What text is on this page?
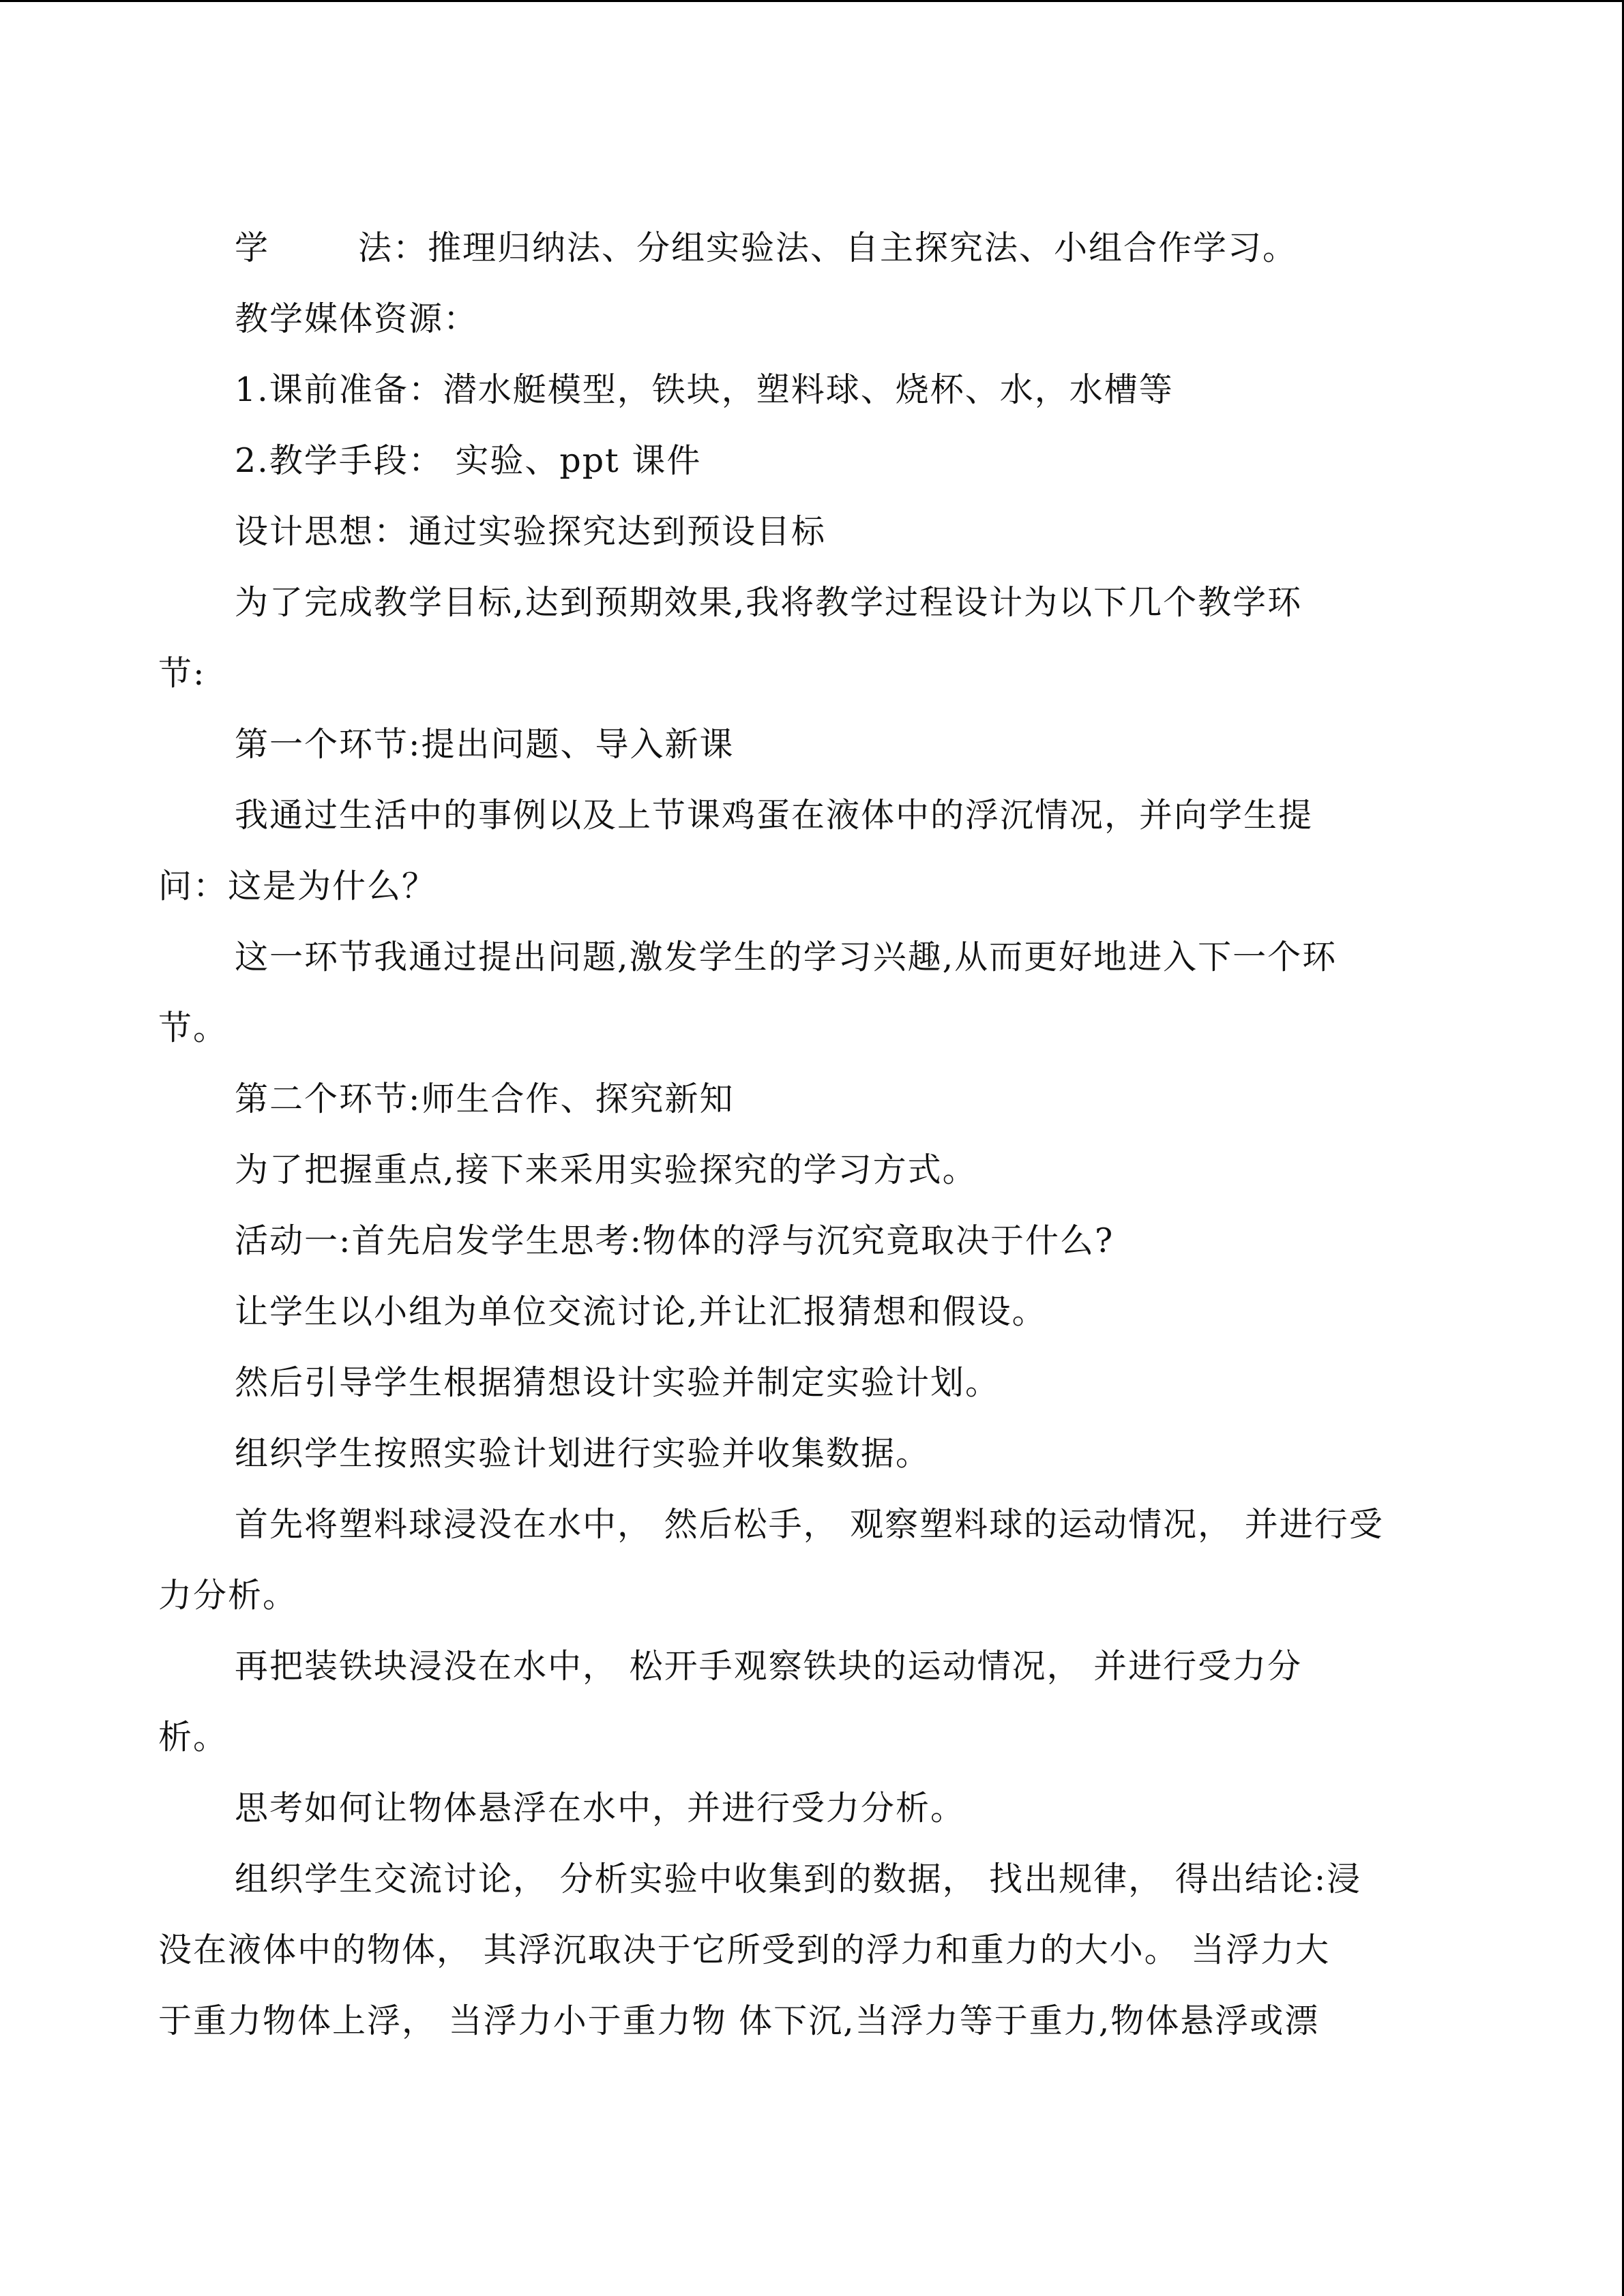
学	法：推理归纳法、分组实验法、自主探究法、小组合作学习。

教学媒体资源：

1.课前准备：潜水艇模型，铁块，塑料球、烧杯、水，水槽等

2.教学手段： 实验、ppt 课件

设计思想：通过实验探究达到预设目标

为了完成教学目标,达到预期效果,我将教学过程设计为以下几个教学环

节:

第一个环节:提出问题、导入新课

我通过生活中的事例以及上节课鸡蛋在液体中的浮沉情况，并向学生提

问：这是为什么？

这一环节我通过提出问题,激发学生的学习兴趣,从而更好地进入下一个环

节。

第二个环节:师生合作、探究新知

为了把握重点,接下来采用实验探究的学习方式。

活动一:首先启发学生思考:物体的浮与沉究竟取决于什么?

让学生以小组为单位交流讨论,并让汇报猜想和假设。

然后引导学生根据猜想设计实验并制定实验计划。

组织学生按照实验计划进行实验并收集数据。

首先将塑料球浸没在水中， 然后松手， 观察塑料球的运动情况， 并进行受

力分析。

再把装铁块浸没在水中， 松开手观察铁块的运动情况， 并进行受力分

析。

思考如何让物体悬浮在水中，并进行受力分析。

组织学生交流讨论， 分析实验中收集到的数据， 找出规律， 得出结论:浸

没在液体中的物体， 其浮沉取决于它所受到的浮力和重力的大小。 当浮力大

于重力物体上浮， 当浮力小于重力物 体下沉,当浮力等于重力,物体悬浮或漂
